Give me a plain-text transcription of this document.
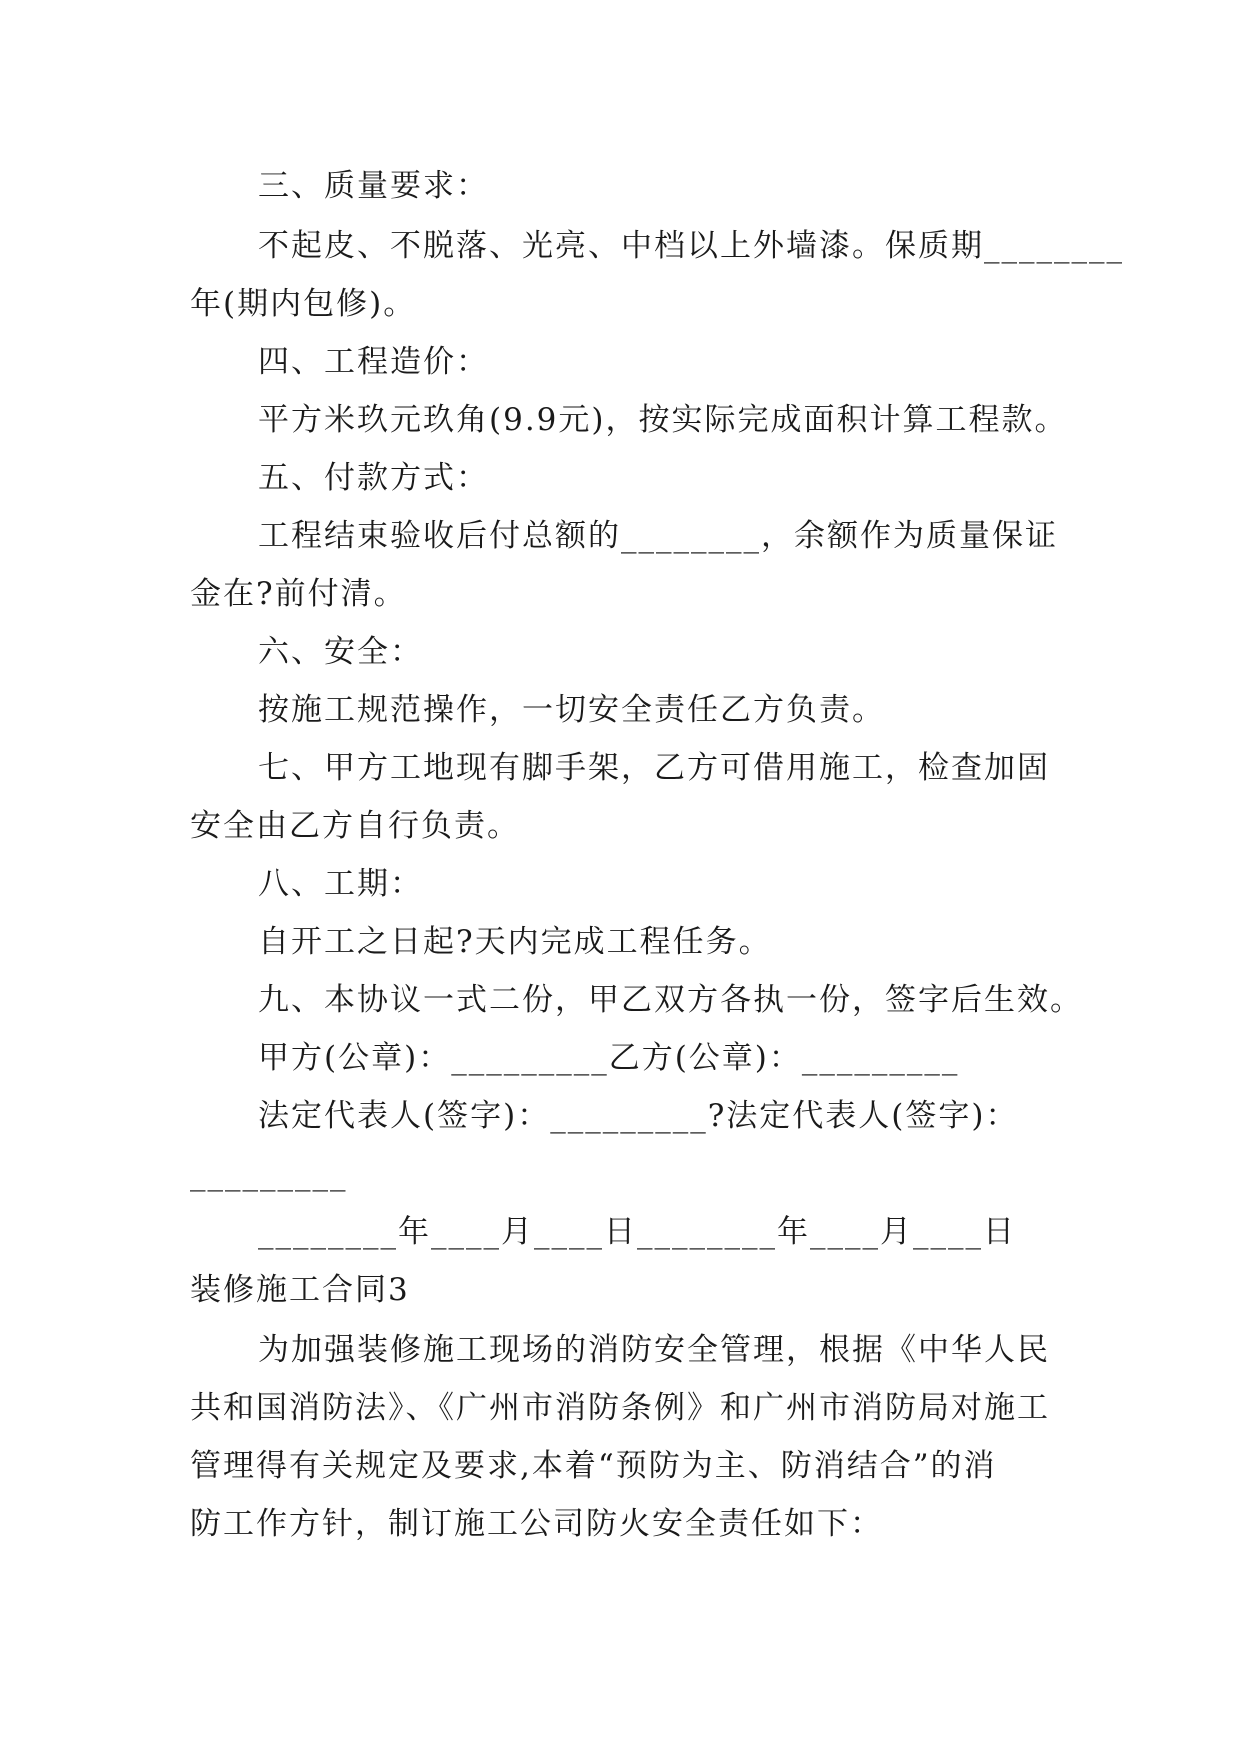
三、质量要求：
不起皮、不脱落、光亮、中档以上外墙漆。保质期________
年(期内包修)。
四、工程造价：
平方米玖元玖角(9.9元)，按实际完成面积计算工程款。
五、付款方式：
工程结束验收后付总额的________，余额作为质量保证
金在?前付清。
六、安全：
按施工规范操作，一切安全责任乙方负责。
七、甲方工地现有脚手架，乙方可借用施工，检查加固
安全由乙方自行负责。
八、工期：
自开工之日起?天内完成工程任务。
九、本协议一式二份，甲乙双方各执一份，签字后生效。
甲方(公章)：_________乙方(公章)：_________
法定代表人(签字)：_________?法定代表人(签字)：
_________
________年____月____日________年____月____日
装修施工合同3
为加强装修施工现场的消防安全管理，根据《中华人民
共和国消防法》、《广州市消防条例》和广州市消防局对施工
管理得有关规定及要求,本着“预防为主、防消结合”的消
防工作方针，制订施工公司防火安全责任如下：
